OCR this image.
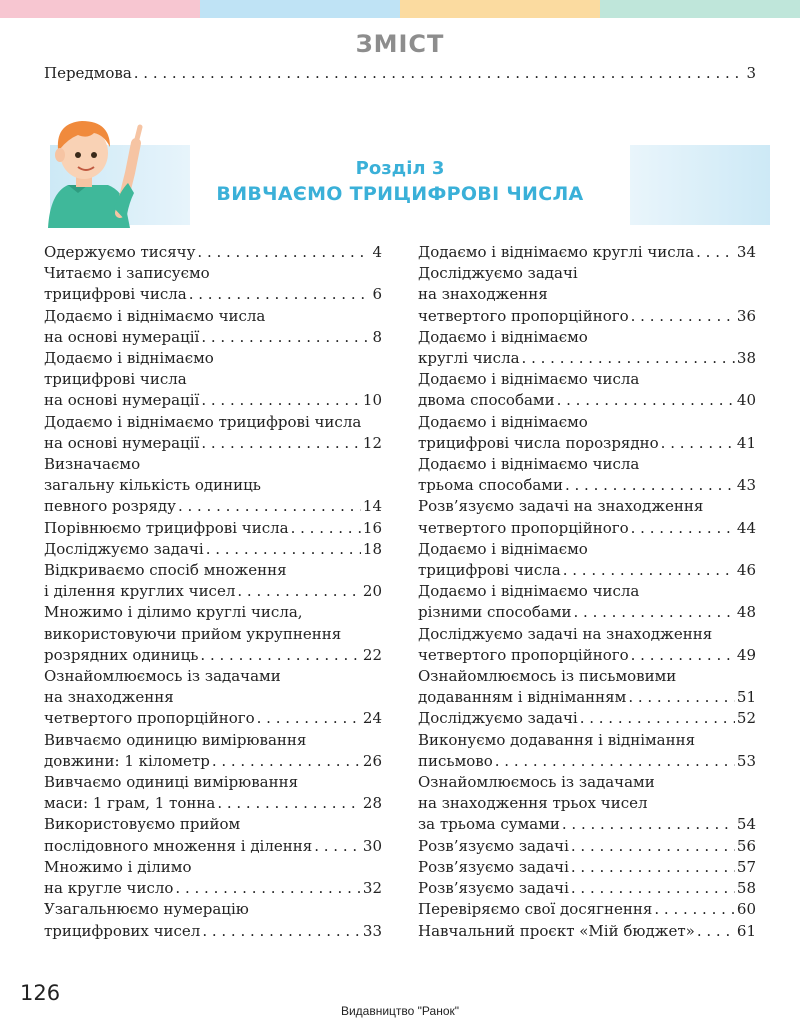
ЗМІСТ
Передмова . . .	3
Розділ 3
ВИВЧАЄМО ТРИЦИФРОВІ ЧИСЛА
Одержуємо тисячу . . .	4
Читаємо і записуємо
трицифрові числа . . .	6
Додаємо і віднімаємо числа
на основі нумерації . . .	8
Додаємо і віднімаємо
трицифрові числа
на основі нумерації . . .	10
Додаємо і віднімаємо трицифрові числа
на основі нумерації . . .	12
Визначаємо
загальну кількість одиниць
певного розряду . . .	14
Порівнюємо трицифрові числа . . .	16
Досліджуємо задачі . . .	18
Відкриваємо спосіб множення
і ділення круглих чисел . . .	20
Множимо і ділимо круглі числа,
використовуючи прийом укрупнення
розрядних одиниць . . .	22
Ознайомлюємось із задачами
на знаходження
четвертого пропорційного . . .	24
Вивчаємо одиницю вимірювання
довжини: 1 кілометр . . .	26
Вивчаємо одиниці вимірювання
маси: 1 грам, 1 тонна . . .	28
Використовуємо прийом
послідовного множення і ділення . . .	30
Множимо і ділимо
на кругле число . . .	32
Узагальнюємо нумерацію
трицифрових чисел . . .	33
Додаємо і віднімаємо круглі числа . . .	34
Досліджуємо задачі
на знаходження
четвертого пропорційного . . .	36
Додаємо і віднімаємо
круглі числа . . .	38
Додаємо і віднімаємо числа
двома способами . . .	40
Додаємо і віднімаємо
трицифрові числа порозрядно . . .	41
Додаємо і віднімаємо числа
трьома способами . . .	43
Розв’язуємо задачі на знаходження
четвертого пропорційного . . .	44
Додаємо і віднімаємо
трицифрові числа . . .	46
Додаємо і віднімаємо числа
різними способами . . .	48
Досліджуємо задачі на знаходження
четвертого пропорційного . . .	49
Ознайомлюємось із письмовими
додаванням і відніманням . . .	51
Досліджуємо задачі . . .	52
Виконуємо додавання і віднімання
письмово . . .	53
Ознайомлюємось із задачами
на знаходження трьох чисел
за трьома сумами . . .	54
Розв’язуємо задачі . . .	56
Розв’язуємо задачі . . .	57
Розв’язуємо задачі . . .	58
Перевіряємо свої досягнення . . .	60
Навчальний проєкт «Мій бюджет» . . .	61
126
Видавництво "Ранок"
